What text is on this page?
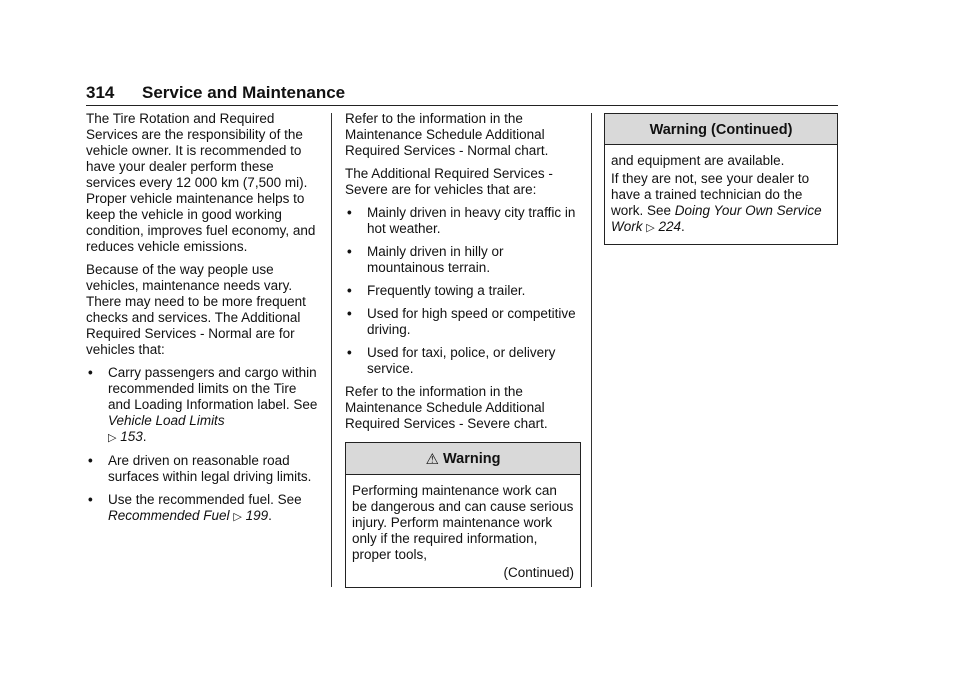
314 Service and Maintenance

The Tire Rotation and Required Services are the responsibility of the vehicle owner. It is recommended to have your dealer perform these services every 12 000 km (7,500 mi). Proper vehicle maintenance helps to keep the vehicle in good working condition, improves fuel economy, and reduces vehicle emissions.

Because of the way people use vehicles, maintenance needs vary. There may need to be more frequent checks and services. The Additional Required Services - Normal are for vehicles that:

• Carry passengers and cargo within recommended limits on the Tire and Loading Information label. See Vehicle Load Limits
▷ 153.
• Are driven on reasonable road surfaces within legal driving limits.
• Use the recommended fuel. See Recommended Fuel ▷ 199.

Refer to the information in the Maintenance Schedule Additional Required Services - Normal chart.

The Additional Required Services - Severe are for vehicles that are:

• Mainly driven in heavy city traffic in hot weather.
• Mainly driven in hilly or mountainous terrain.
• Frequently towing a trailer.
• Used for high speed or competitive driving.
• Used for taxi, police, or delivery service.

Refer to the information in the Maintenance Schedule Additional Required Services - Severe chart.

⚠ Warning

Performing maintenance work can be dangerous and can cause serious injury. Perform maintenance work only if the required information, proper tools,

(Continued)
Warning (Continued)

and equipment are available.

If they are not, see your dealer to have a trained technician do the work. See Doing Your Own Service Work ▷ 224.
